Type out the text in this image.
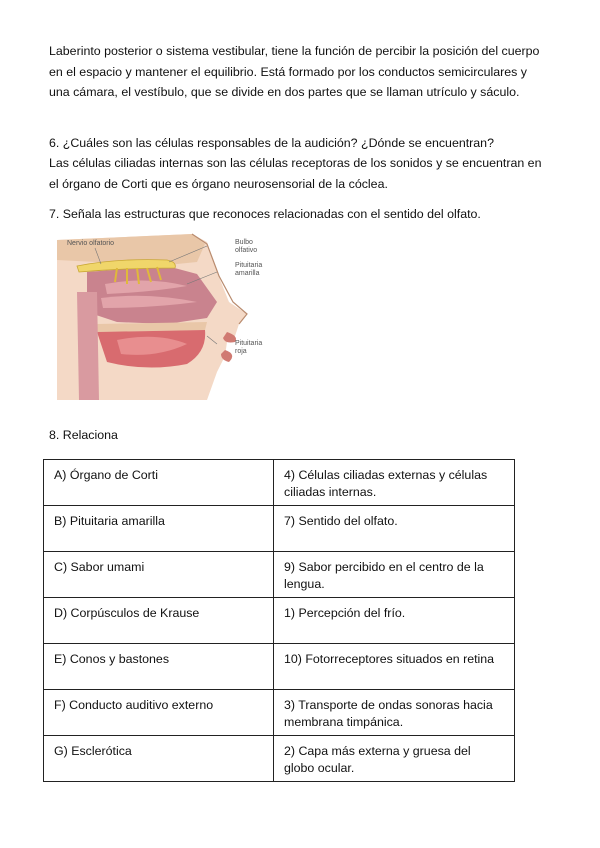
Laberinto posterior o sistema vestibular, tiene la función de percibir la posición del cuerpo en el espacio y mantener el equilibrio. Está formado por los conductos semicirculares y una cámara, el vestíbulo, que se divide en dos partes que se llaman utrículo y sáculo.
6. ¿Cuáles son las células responsables de la audición? ¿Dónde se encuentran?
Las células ciliadas internas son las células receptoras de los sonidos y se encuentran en el órgano de Corti que es órgano neurosensorial de la cóclea.
7. Señala las estructuras que reconoces relacionadas con el sentido del olfato.
Nervio olfatorio	Bulbo olfativo
Pituitaria amarilla
Pituitaria roja
8. Relaciona
A) Órgano de Corti	4) Células ciliadas externas y células ciliadas internas.
B) Pituitaria amarilla	7) Sentido del olfato.
C) Sabor umami	9) Sabor percibido en el centro de la lengua.
D) Corpúsculos de Krause	1) Percepción del frío.
E) Conos y bastones	10) Fotorreceptores situados en retina
F) Conducto auditivo externo	3) Transporte de ondas sonoras hacia membrana timpánica.
G) Esclerótica	2) Capa más externa y gruesa del globo ocular.
